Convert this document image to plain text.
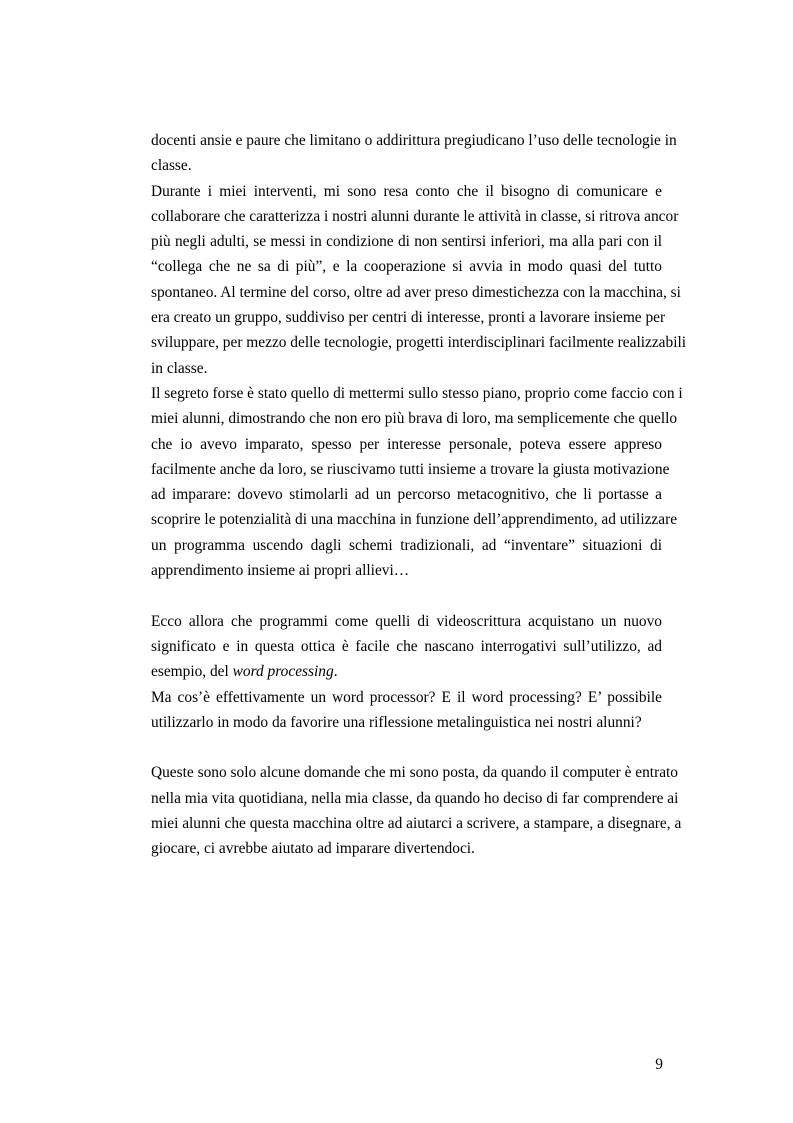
docenti ansie e paure che limitano o addirittura pregiudicano l’uso delle tecnologie in
classe.
Durante i miei interventi, mi sono resa conto che il bisogno di comunicare e
collaborare che caratterizza i nostri alunni durante le attività in classe, si ritrova ancor
più negli adulti, se messi in condizione di non sentirsi inferiori, ma alla pari con il
“collega che ne sa di più”, e la cooperazione si avvia in modo quasi del tutto
spontaneo. Al termine del corso, oltre ad aver preso dimestichezza con la macchina, si
era creato un gruppo, suddiviso per centri di interesse, pronti a lavorare insieme per
sviluppare, per mezzo delle tecnologie, progetti interdisciplinari facilmente realizzabili
in classe.
Il segreto forse è stato quello di mettermi sullo stesso piano, proprio come faccio con i
miei alunni, dimostrando che non ero più brava di loro, ma semplicemente che quello
che io avevo imparato, spesso per interesse personale, poteva essere appreso
facilmente anche da loro, se riuscivamo tutti insieme a trovare la giusta motivazione
ad imparare: dovevo stimolarli ad un percorso metacognitivo, che li portasse a
scoprire le potenzialità di una macchina in funzione dell’apprendimento, ad utilizzare
un programma uscendo dagli schemi tradizionali, ad “inventare” situazioni di
apprendimento insieme ai propri allievi…
Ecco allora che programmi come quelli di videoscrittura acquistano un nuovo
significato e in questa ottica è facile che nascano interrogativi sull’utilizzo, ad
esempio, del word processing.
Ma cos’è effettivamente un word processor? E il word processing? E’ possibile
utilizzarlo in modo da favorire una riflessione metalinguistica nei nostri alunni?
Queste sono solo alcune domande che mi sono posta, da quando il computer è entrato
nella mia vita quotidiana, nella mia classe, da quando ho deciso di far comprendere ai
miei alunni che questa macchina oltre ad aiutarci a scrivere, a stampare, a disegnare, a
giocare, ci avrebbe aiutato ad imparare divertendoci.
9
